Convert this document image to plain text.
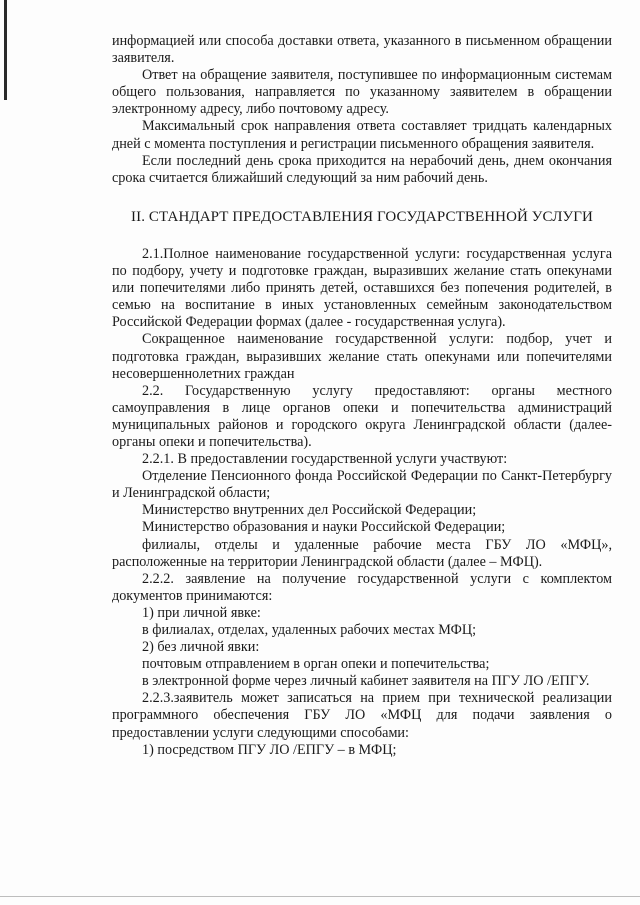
информацией или способа доставки ответа, указанного в письменном обращении заявителя.

Ответ на обращение заявителя, поступившее по информационным системам общего пользования, направляется по указанному заявителем в обращении электронному адресу, либо почтовому адресу.

Максимальный срок направления ответа составляет тридцать календарных дней с момента поступления и регистрации письменного обращения заявителя.

Если последний день срока приходится на нерабочий день, днем окончания срока считается ближайший следующий за ним рабочий день.

II. СТАНДАРТ ПРЕДОСТАВЛЕНИЯ ГОСУДАРСТВЕННОЙ УСЛУГИ

2.1.Полное наименование государственной услуги: государственная услуга по подбору, учету и подготовке граждан, выразивших желание стать опекунами или попечителями либо принять детей, оставшихся без попечения родителей, в семью на воспитание в иных установленных семейным законодательством Российской Федерации формах (далее - государственная услуга).

Сокращенное наименование государственной услуги: подбор, учет и подготовка граждан, выразивших желание стать опекунами или попечителями несовершеннолетних граждан

2.2. Государственную услугу предоставляют: органы местного самоуправления в лице органов опеки и попечительства администраций муниципальных районов и городского округа Ленинградской области (далее- органы опеки и попечительства).

2.2.1. В предоставлении государственной услуги участвуют:

Отделение Пенсионного фонда Российской Федерации по Санкт-Петербургу и Ленинградской области;

Министерство внутренних дел Российской Федерации;

Министерство образования и науки Российской Федерации;

филиалы, отделы и удаленные рабочие места ГБУ ЛО «МФЦ», расположенные на территории Ленинградской области (далее – МФЦ).

2.2.2. заявление на получение государственной услуги с комплектом документов принимаются:

1) при личной явке:

в филиалах, отделах, удаленных рабочих местах МФЦ;

2) без личной явки:

почтовым отправлением в орган опеки и попечительства;

в электронной форме через личный кабинет заявителя на ПГУ ЛО /ЕПГУ.

2.2.3.заявитель может записаться на прием при технической реализации программного обеспечения ГБУ ЛО «МФЦ для подачи заявления о предоставлении услуги следующими способами:

1) посредством ПГУ ЛО /ЕПГУ – в МФЦ;
